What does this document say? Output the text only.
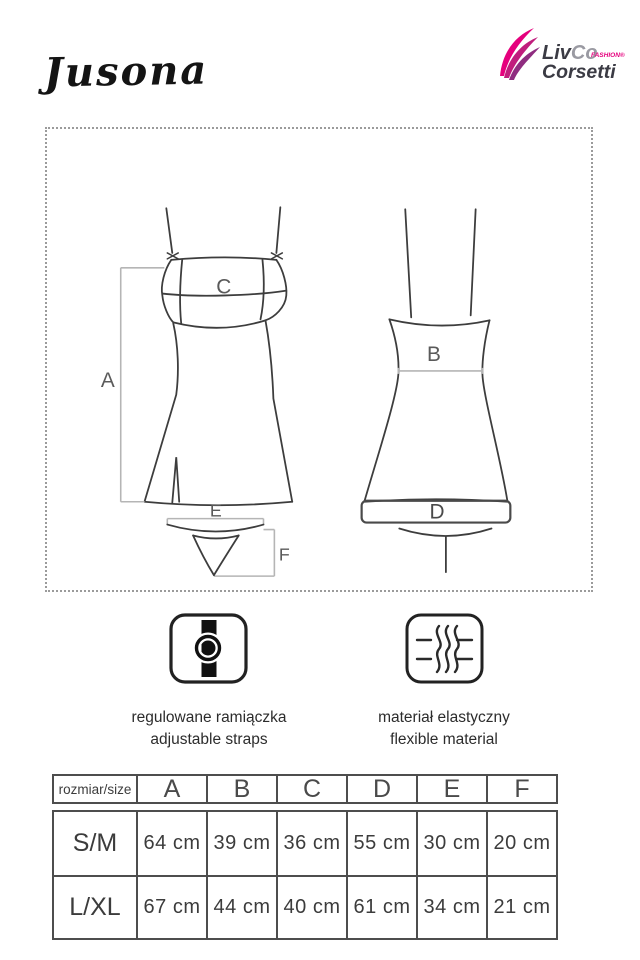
Jusona	LivCo
FASHION®
Corsetti
A
C
E
F
B
D
regulowane ramiączka
adjustable straps
materiał elastyczny
flexible material
rozmiar/size	A	B	C	D	E	F
S/M	64 cm 39 cm 36 cm 55 cm 30 cm 20 cm
L/XL	67 cm 44 cm 40 cm 61 cm 34 cm 21 cm
